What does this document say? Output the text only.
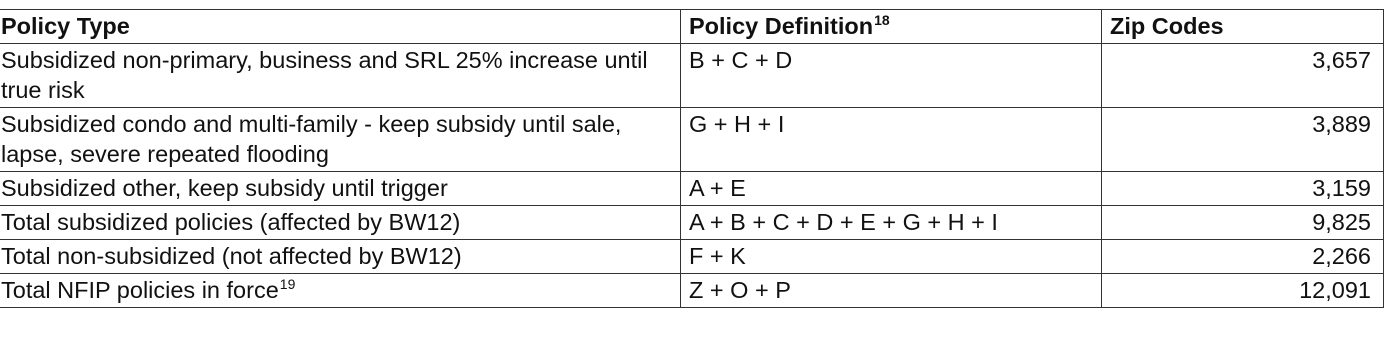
Policy Type	Policy Definition$^{18}$	Zip Codes
Subsidized non-primary, business and SRL 25% increase until true risk	B + C + D	3,657
Subsidized condo and multi-family - keep subsidy until sale, lapse, severe repeated flooding	G + H + I	3,889
Subsidized other, keep subsidy until trigger	A + E	3,159
Total subsidized policies (affected by BW12)	A + B + C + D + E + G + H + I	9,825
Total non-subsidized (not affected by BW12)	F + K	2,266
Total NFIP policies in force$^{19}$	Z + O + P	12,091
